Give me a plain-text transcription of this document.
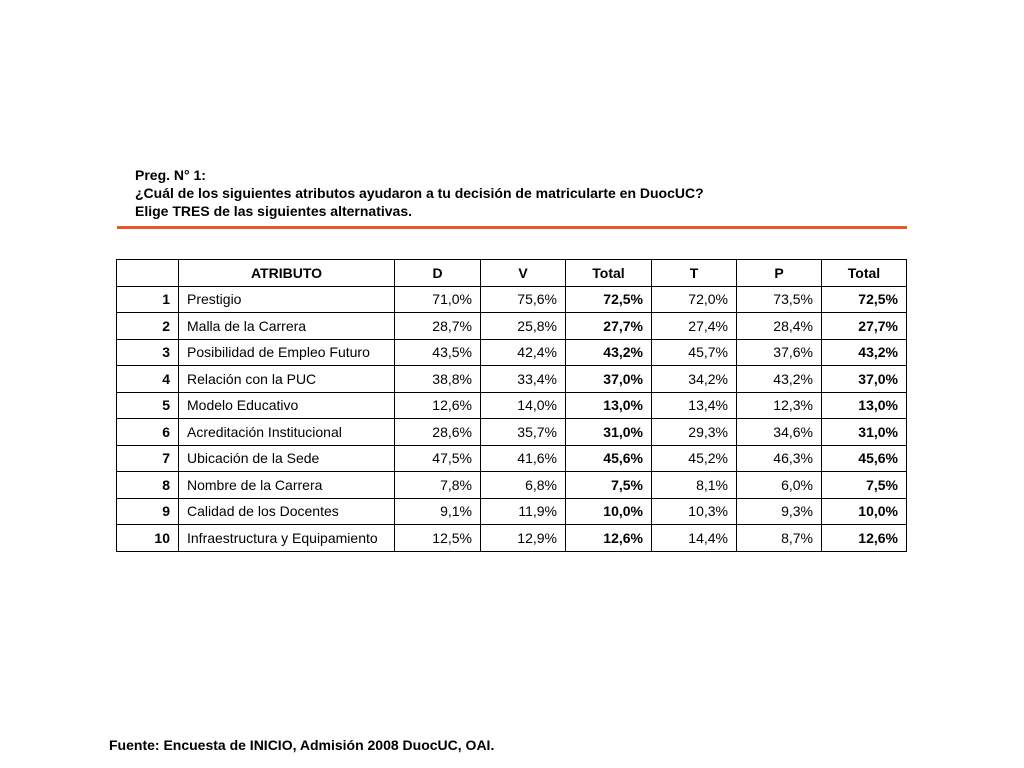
Preg. N° 1:
¿Cuál de los siguientes atributos ayudaron a tu decisión de matricularte en DuocUC?
Elige TRES de las siguientes alternativas.
	ATRIBUTO	D	V	Total	T	P	Total
1	Prestigio	71,0%	75,6%	72,5%	72,0%	73,5%	72,5%
2	Malla de la Carrera	28,7%	25,8%	27,7%	27,4%	28,4%	27,7%
3	Posibilidad de Empleo Futuro	43,5%	42,4%	43,2%	45,7%	37,6%	43,2%
4	Relación con la PUC	38,8%	33,4%	37,0%	34,2%	43,2%	37,0%
5	Modelo Educativo	12,6%	14,0%	13,0%	13,4%	12,3%	13,0%
6	Acreditación Institucional	28,6%	35,7%	31,0%	29,3%	34,6%	31,0%
7	Ubicación de la Sede	47,5%	41,6%	45,6%	45,2%	46,3%	45,6%
8	Nombre de la Carrera	7,8%	6,8%	7,5%	8,1%	6,0%	7,5%
9	Calidad de los Docentes	9,1%	11,9%	10,0%	10,3%	9,3%	10,0%
10	Infraestructura y Equipamiento	12,5%	12,9%	12,6%	14,4%	8,7%	12,6%
Fuente: Encuesta de INICIO, Admisión 2008 DuocUC, OAI.
